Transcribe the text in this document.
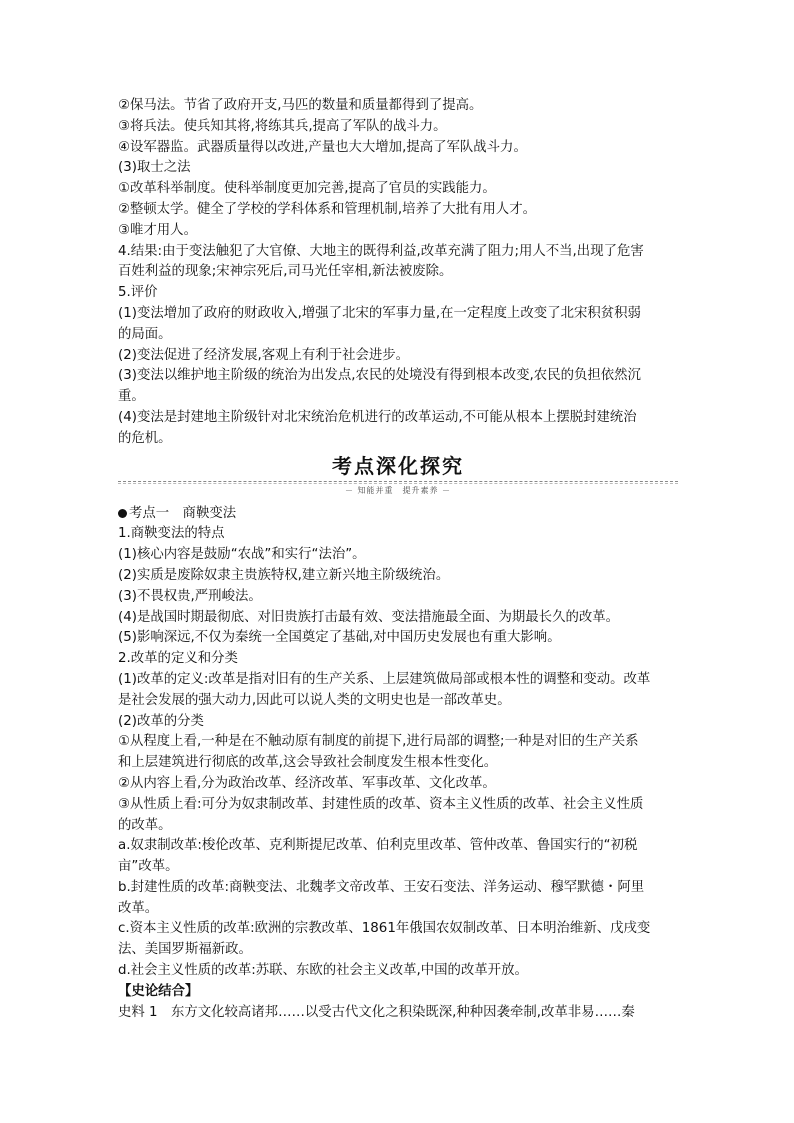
②保马法。节省了政府开支,马匹的数量和质量都得到了提高。
③将兵法。使兵知其将,将练其兵,提高了军队的战斗力。
④设军器监。武器质量得以改进,产量也大大增加,提高了军队战斗力。
(3)取士之法
①改革科举制度。使科举制度更加完善,提高了官员的实践能力。
②整顿太学。健全了学校的学科体系和管理机制,培养了大批有用人才。
③唯才用人。
4.结果:由于变法触犯了大官僚、大地主的既得利益,改革充满了阻力;用人不当,出现了危害
百姓利益的现象;宋神宗死后,司马光任宰相,新法被废除。
5.评价
(1)变法增加了政府的财政收入,增强了北宋的军事力量,在一定程度上改变了北宋积贫积弱
的局面。
(2)变法促进了经济发展,客观上有利于社会进步。
(3)变法以维护地主阶级的统治为出发点,农民的处境没有得到根本改变,农民的负担依然沉
重。
(4)变法是封建地主阶级针对北宋统治危机进行的改革运动,不可能从根本上摆脱封建统治
的危机。
考点深化探究
－ 知能并重　提升素养 －
考点一　商鞅变法
1.商鞅变法的特点
(1)核心内容是鼓励“农战”和实行“法治”。
(2)实质是废除奴隶主贵族特权,建立新兴地主阶级统治。
(3)不畏权贵,严刑峻法。
(4)是战国时期最彻底、对旧贵族打击最有效、变法措施最全面、为期最长久的改革。
(5)影响深远,不仅为秦统一全国奠定了基础,对中国历史发展也有重大影响。
2.改革的定义和分类
(1)改革的定义:改革是指对旧有的生产关系、上层建筑做局部或根本性的调整和变动。改革
是社会发展的强大动力,因此可以说人类的文明史也是一部改革史。
(2)改革的分类
①从程度上看,一种是在不触动原有制度的前提下,进行局部的调整;一种是对旧的生产关系
和上层建筑进行彻底的改革,这会导致社会制度发生根本性变化。
②从内容上看,分为政治改革、经济改革、军事改革、文化改革。
③从性质上看:可分为奴隶制改革、封建性质的改革、资本主义性质的改革、社会主义性质
的改革。
a.奴隶制改革:梭伦改革、克利斯提尼改革、伯利克里改革、管仲改革、鲁国实行的“初税
亩”改革。
b.封建性质的改革:商鞅变法、北魏孝文帝改革、王安石变法、洋务运动、穆罕默德・阿里
改革。
c.资本主义性质的改革:欧洲的宗教改革、1861年俄国农奴制改革、日本明治维新、戊戌变
法、美国罗斯福新政。
d.社会主义性质的改革:苏联、东欧的社会主义改革,中国的改革开放。
【史论结合】
史料 1　东方文化较高诸邦……以受古代文化之积染既深,种种因袭牵制,改革非易……秦
